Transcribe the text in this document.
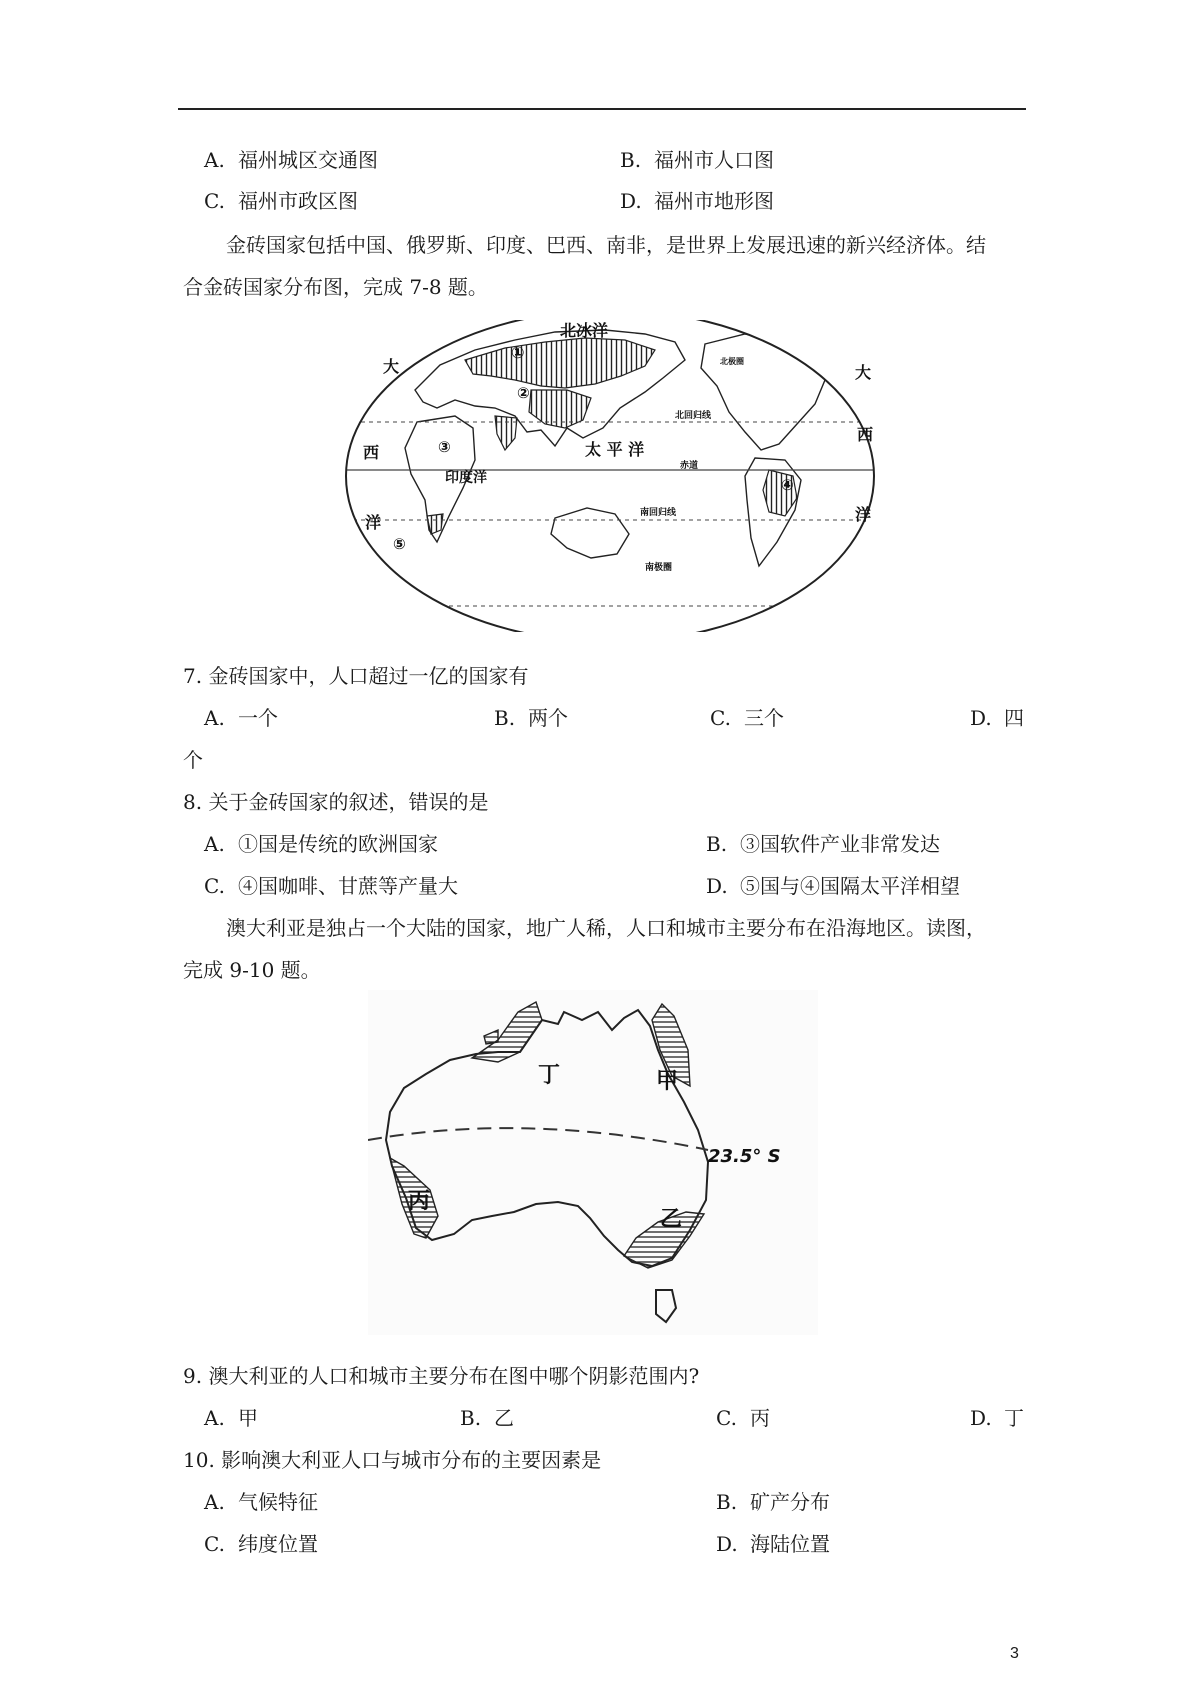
A. 福州城区交通图	B. 福州市人口图
C. 福州市政区图	D. 福州市地形图
金砖国家包括中国、俄罗斯、印度、巴西、南非，是世界上发展迅速的新兴经济体。结
合金砖国家分布图，完成 7-8 题。
北冰洋
北极圈
大	大
北回归线
太 平 洋
西
西
赤道
印度洋
南回归线
洋	洋
南极圈
①
②
③
④
⑤
7. 金砖国家中，人口超过一亿的国家有
A. 一个	B. 两个	C. 三个	D. 四
个
8. 关于金砖国家的叙述，错误的是
A. ①国是传统的欧洲国家	B. ③国软件产业非常发达
C. ④国咖啡、甘蔗等产量大	D. ⑤国与④国隔太平洋相望
澳大利亚是独占一个大陆的国家，地广人稀，人口和城市主要分布在沿海地区。读图，
完成 9-10 题。
丁	甲
23.5° S
丙
乙
9. 澳大利亚的人口和城市主要分布在图中哪个阴影范围内?
A. 甲	B. 乙	C. 丙	D. 丁
10. 影响澳大利亚人口与城市分布的主要因素是
A. 气候特征	B. 矿产分布
C. 纬度位置	D. 海陆位置
3
